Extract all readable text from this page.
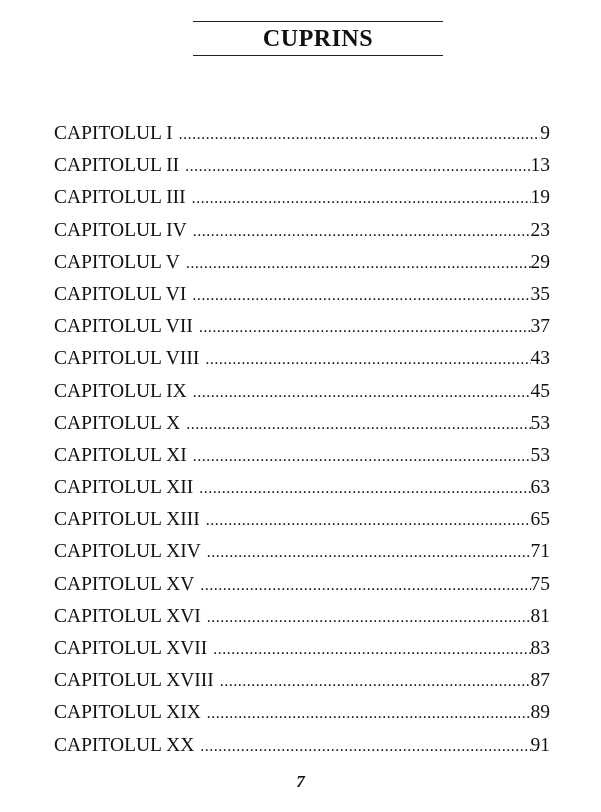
CUPRINS
CAPITOLUL I .....	9
CAPITOLUL II .....	13
CAPITOLUL III .....	19
CAPITOLUL IV .....	23
CAPITOLUL V .....	29
CAPITOLUL VI .....	35
CAPITOLUL VII .....	37
CAPITOLUL VIII .....	43
CAPITOLUL IX .....	45
CAPITOLUL X .....	53
CAPITOLUL XI .....	53
CAPITOLUL XII .....	63
CAPITOLUL XIII .....	65
CAPITOLUL XIV .....	71
CAPITOLUL XV .....	75
CAPITOLUL XVI .....	81
CAPITOLUL XVII .....	83
CAPITOLUL XVIII .....	87
CAPITOLUL XIX .....	89
CAPITOLUL XX .....	91
7
